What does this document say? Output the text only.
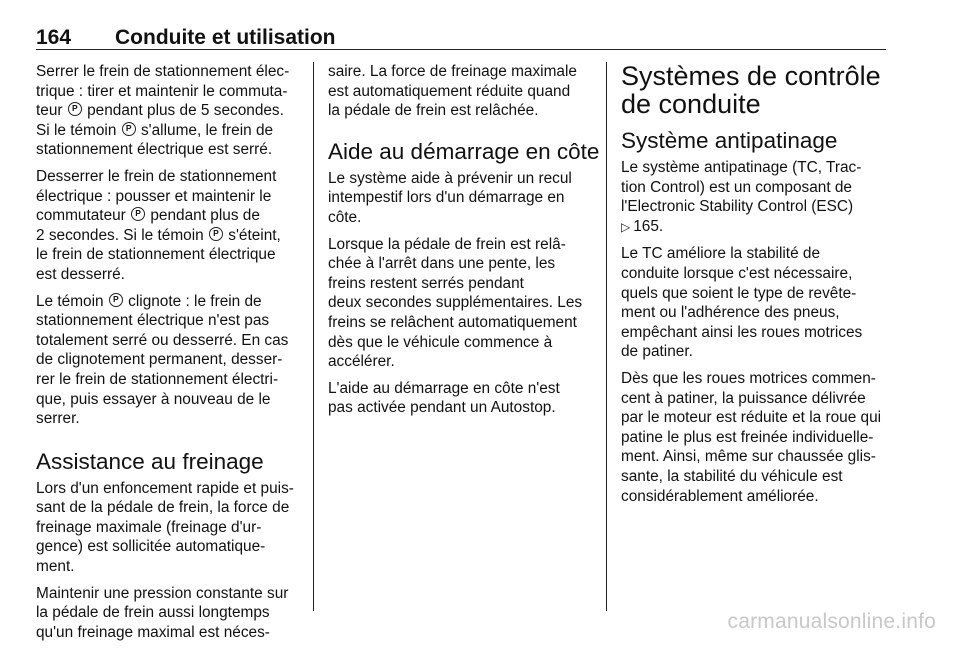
164 Conduite et utilisation

Serrer le frein de stationnement élec-
trique : tirer et maintenir le commuta-
teur P pendant plus de 5 secondes.
Si le témoin P s'allume, le frein de
stationnement électrique est serré.

Desserrer le frein de stationnement
électrique : pousser et maintenir le
commutateur P pendant plus de
2 secondes. Si le témoin P s'éteint,
le frein de stationnement électrique
est desserré.

Le témoin P clignote : le frein de
stationnement électrique n'est pas
totalement serré ou desserré. En cas
de clignotement permanent, desser-
rer le frein de stationnement électri-
que, puis essayer à nouveau de le
serrer.

Assistance au freinage

Lors d'un enfoncement rapide et puis-
sant de la pédale de frein, la force de
freinage maximale (freinage d'ur-
gence) est sollicitée automatique-
ment.

Maintenir une pression constante sur
la pédale de frein aussi longtemps
qu'un freinage maximal est néces-

saire. La force de freinage maximale
est automatiquement réduite quand
la pédale de frein est relâchée.

Aide au démarrage en côte

Le système aide à prévenir un recul
intempestif lors d'un démarrage en
côte.

Lorsque la pédale de frein est relâ-
chée à l'arrêt dans une pente, les
freins restent serrés pendant
deux secondes supplémentaires. Les
freins se relâchent automatiquement
dès que le véhicule commence à
accélérer.

L'aide au démarrage en côte n'est
pas activée pendant un Autostop.

Systèmes de contrôle
de conduite
Système antipatinage

Le système antipatinage (TC, Trac-
tion Control) est un composant de
l'Electronic Stability Control (ESC)
▷ 165.

Le TC améliore la stabilité de
conduite lorsque c'est nécessaire,
quels que soient le type de revête-
ment ou l'adhérence des pneus,
empêchant ainsi les roues motrices
de patiner.

Dès que les roues motrices commen-
cent à patiner, la puissance délivrée
par le moteur est réduite et la roue qui
patine le plus est freinée individuelle-
ment. Ainsi, même sur chaussée glis-
sante, la stabilité du véhicule est
considérablement améliorée.

carmanualsonline.info
